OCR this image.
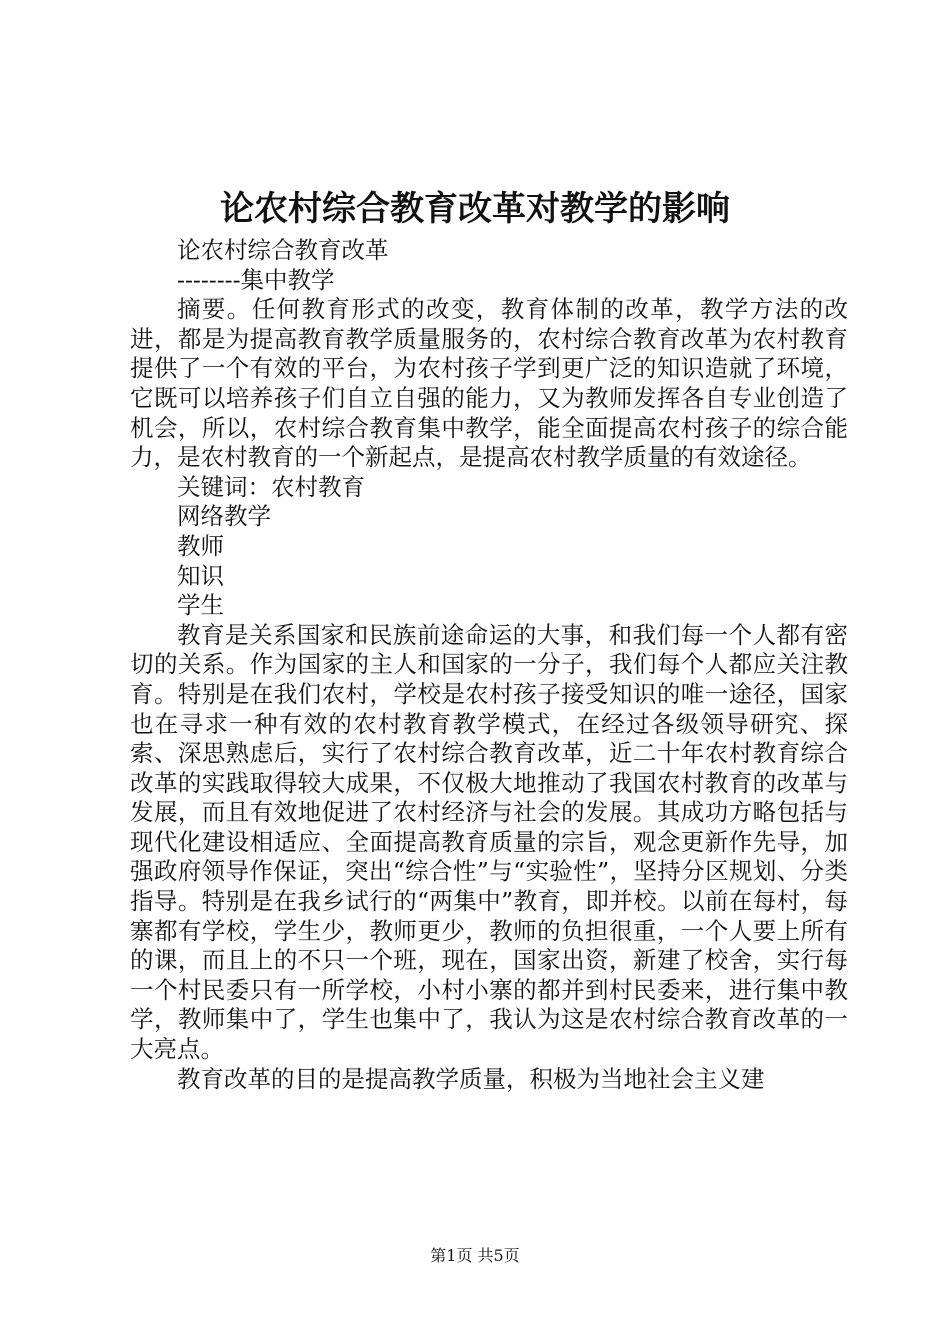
论农村综合教育改革对教学的影响

论农村综合教育改革

--------集中教学

摘要。任何教育形式的改变，教育体制的改革，教学方法的改进，都是为提高教育教学质量服务的，农村综合教育改革为农村教育提供了一个有效的平台，为农村孩子学到更广泛的知识造就了环境，它既可以培养孩子们自立自强的能力，又为教师发挥各自专业创造了机会，所以，农村综合教育集中教学，能全面提高农村孩子的综合能力，是农村教育的一个新起点，是提高农村教学质量的有效途径。

关键词：农村教育

网络教学

教师

知识

学生

教育是关系国家和民族前途命运的大事，和我们每一个人都有密切的关系。作为国家的主人和国家的一分子，我们每个人都应关注教育。特别是在我们农村，学校是农村孩子接受知识的唯一途径，国家也在寻求一种有效的农村教育教学模式，在经过各级领导研究、探索、深思熟虑后，实行了农村综合教育改革，近二十年农村教育综合改革的实践取得较大成果，不仅极大地推动了我国农村教育的改革与发展，而且有效地促进了农村经济与社会的发展。其成功方略包括与现代化建设相适应、全面提高教育质量的宗旨，观念更新作先导，加强政府领导作保证，突出“综合性”与“实验性”，坚持分区规划、分类指导。特别是在我乡试行的“两集中”教育，即并校。以前在每村，每寨都有学校，学生少，教师更少，教师的负担很重，一个人要上所有的课，而且上的不只一个班，现在，国家出资，新建了校舍，实行每一个村民委只有一所学校，小村小寨的都并到村民委来，进行集中教学，教师集中了，学生也集中了，我认为这是农村综合教育改革的一大亮点。

教育改革的目的是提高教学质量，积极为当地社会主义建

第1页 共5页
